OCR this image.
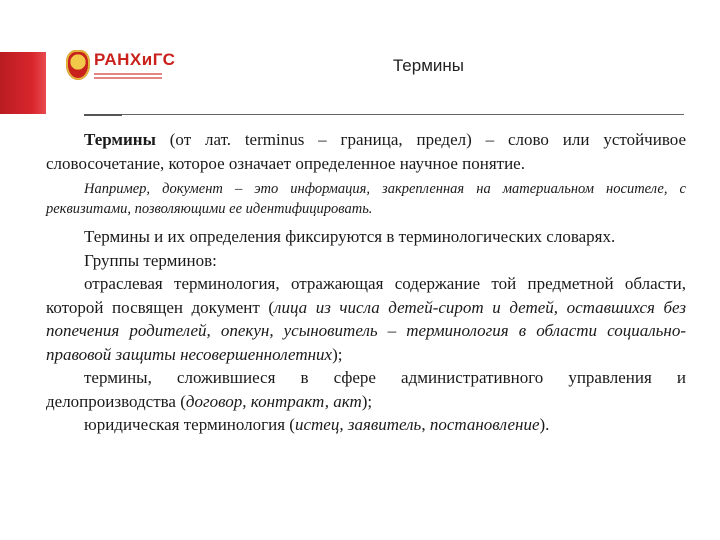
РАНХиГС	Термины

Термины (от лат. terminus – граница, предел) – слово или устойчивое словосочетание, которое означает определенное научное понятие.

Например, документ – это информация, закрепленная на материальном носителе, с реквизитами, позволяющими ее идентифицировать.

Термины и их определения фиксируются в терминологических словарях.

Группы терминов:

отраслевая терминология, отражающая содержание той предметной области, которой посвящен документ (лица из числа детей-сирот и детей, оставшихся без попечения родителей, опекун, усыновитель – терминология в области социально-правовой защиты несовершеннолетних);

термины, сложившиеся в сфере административного управления и делопроизводства (договор, контракт, акт);

юридическая терминология (истец, заявитель, постановление).
